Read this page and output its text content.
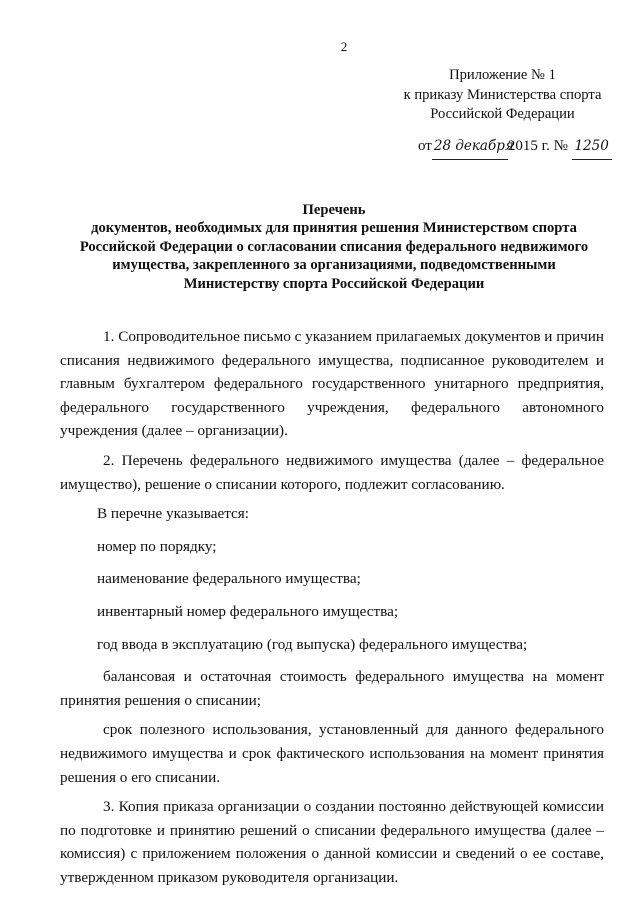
2
Приложение № 1
к приказу Министерства спорта
Российской Федерации
от 28 декабря2015 г. № 1250
Перечень
документов, необходимых для принятия решения Министерством спорта
Российской Федерации о согласовании списания федерального недвижимого
имущества, закрепленного за организациями, подведомственными
Министерству спорта Российской Федерации

1. Сопроводительное письмо с указанием прилагаемых документов и причин списания недвижимого федерального имущества, подписанное руководителем и главным бухгалтером федерального государственного унитарного предприятия, федерального государственного учреждения, федерального автономного учреждения (далее – организации).

2. Перечень федерального недвижимого имущества (далее – федеральное имущество), решение о списании которого, подлежит согласованию.

В перечне указывается:

номер по порядку;

наименование федерального имущества;

инвентарный номер федерального имущества;

год ввода в эксплуатацию (год выпуска) федерального имущества;

балансовая и остаточная стоимость федерального имущества на момент принятия решения о списании;

срок полезного использования, установленный для данного федерального недвижимого имущества и срок фактического использования на момент принятия решения о его списании.

3. Копия приказа организации о создании постоянно действующей комиссии по подготовке и принятию решений о списании федерального имущества (далее – комиссия) с приложением положения о данной комиссии и сведений о ее составе, утвержденном приказом руководителя организации.
